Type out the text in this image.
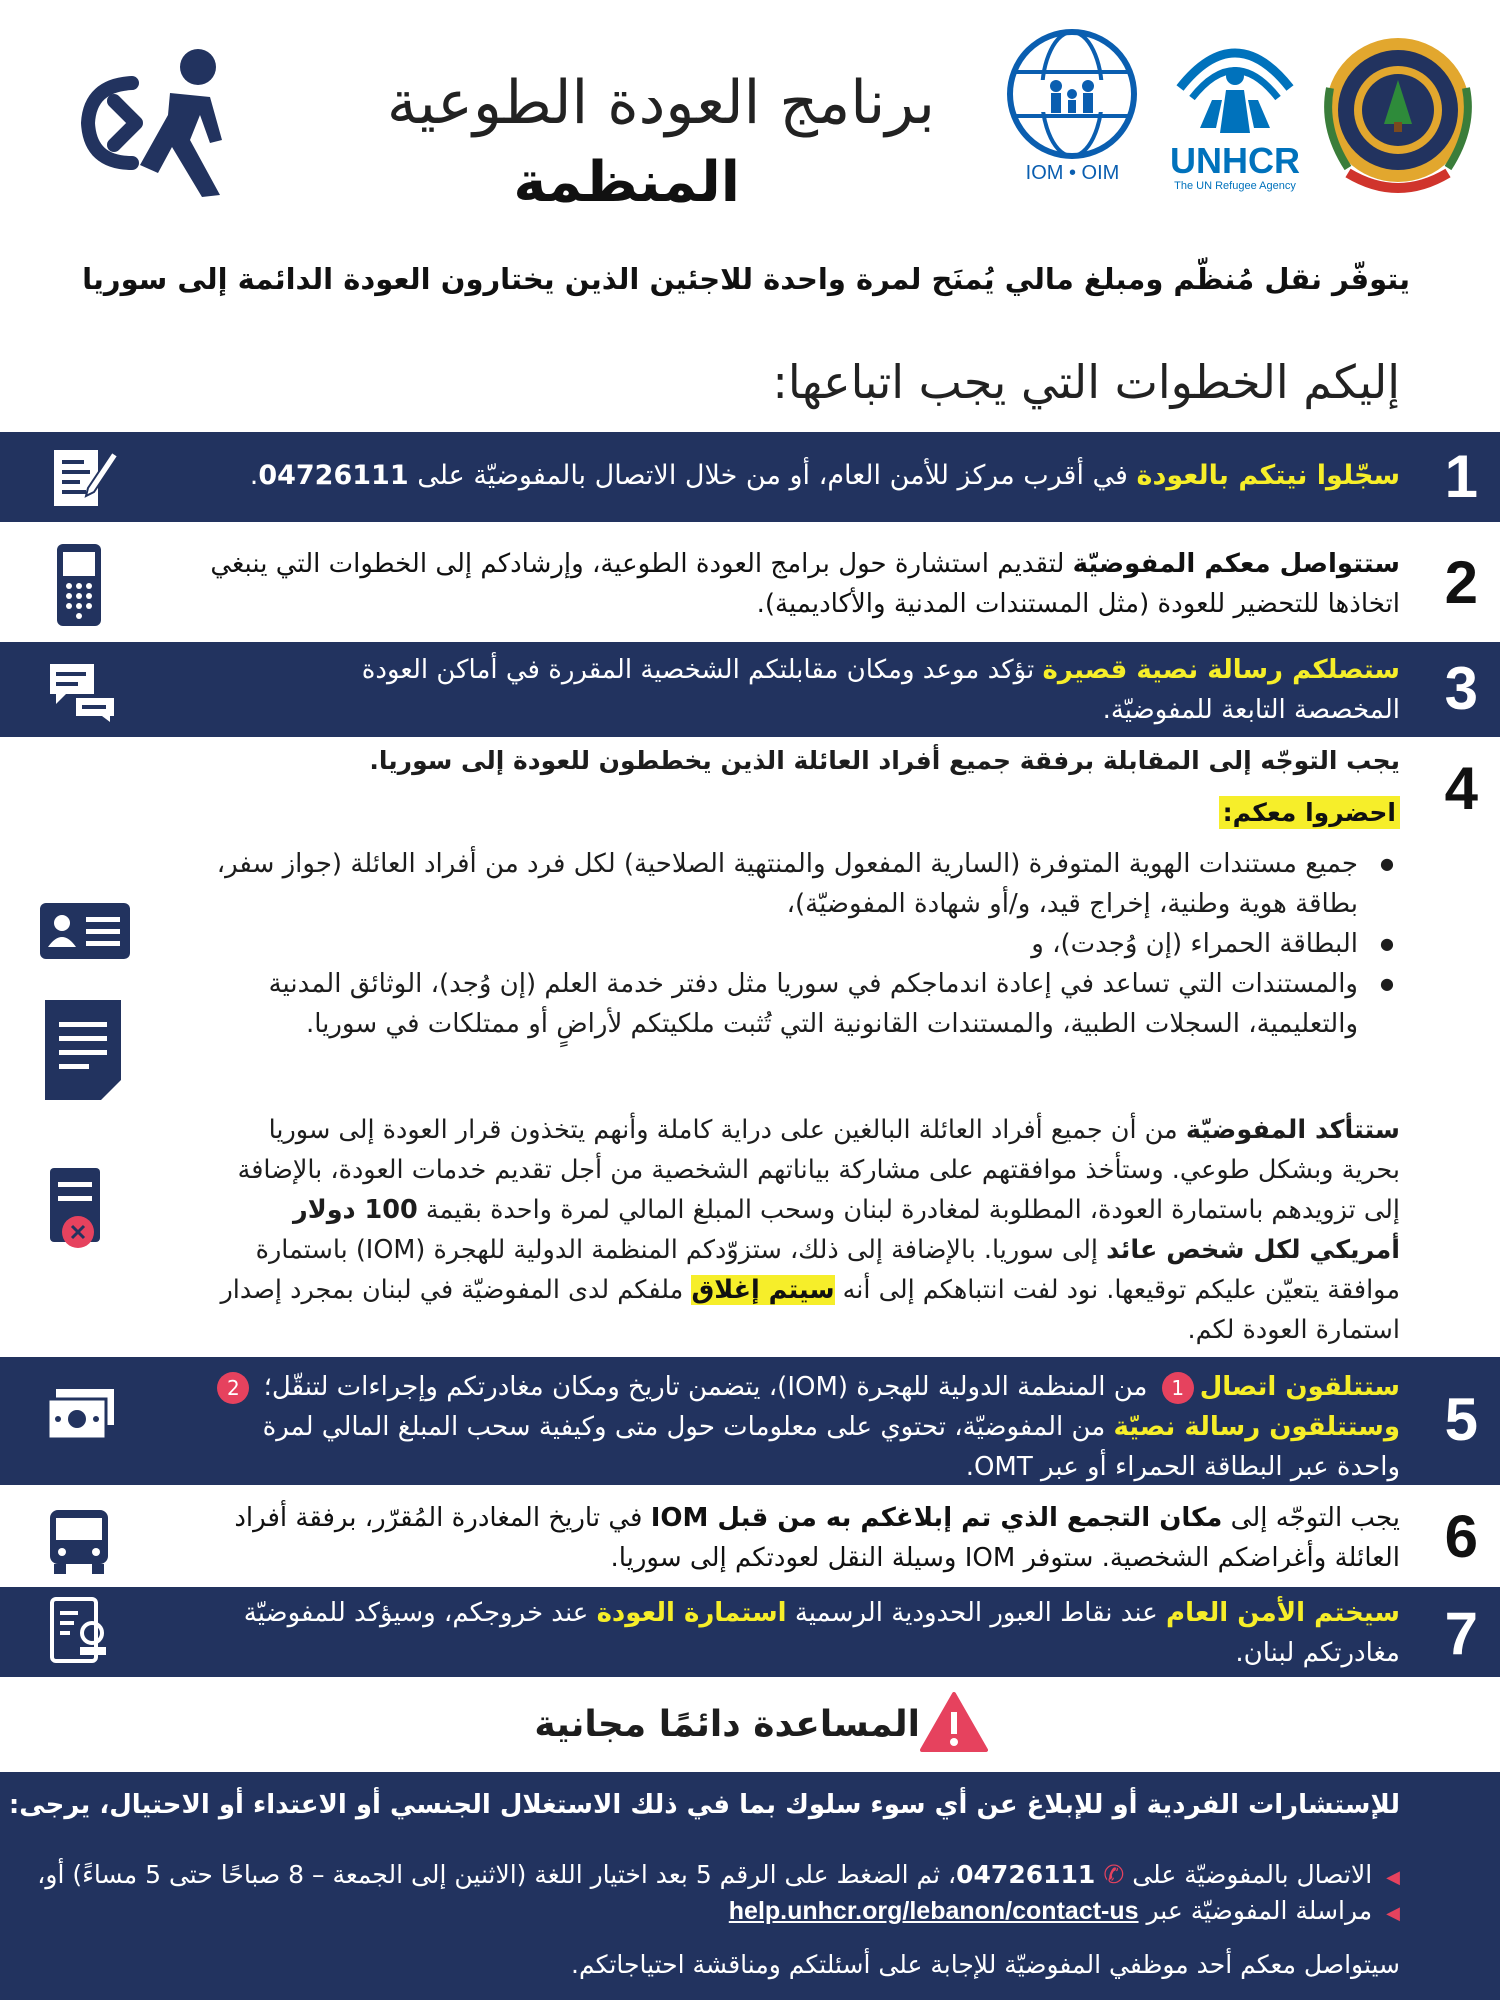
برنامج العودة الطوعية
المنظمة	IOM • OIM	UNHCR
The UN Refugee Agency
يتوفّر نقل مُنظّم ومبلغ مالي يُمنَح لمرة واحدة للاجئين الذين يختارون العودة الدائمة إلى سوريا
إليكم الخطوات التي يجب اتباعها:
1
سجّلوا نيتكم بالعودة في أقرب مركز للأمن العام، أو من خلال الاتصال بالمفوضيّة على 04726111.
2
ستتواصل معكم المفوضيّة لتقديم استشارة حول برامج العودة الطوعية، وإرشادكم إلى الخطوات التي ينبغي اتخاذها للتحضير للعودة (مثل المستندات المدنية والأكاديمية).
3
ستصلكم رسالة نصية قصيرة تؤكد موعد ومكان مقابلتكم الشخصية المقررة في أماكن العودة المخصصة التابعة للمفوضيّة.
4
يجب التوجّه إلى المقابلة برفقة جميع أفراد العائلة الذين يخططون للعودة إلى سوريا.
احضروا معكم:
● جميع مستندات الهوية المتوفرة (السارية المفعول والمنتهية الصلاحية) لكل فرد من أفراد العائلة (جواز سفر، بطاقة هوية وطنية، إخراج قيد، و/أو شهادة المفوضيّة)،
● البطاقة الحمراء (إن وُجدت)، و
● والمستندات التي تساعد في إعادة اندماجكم في سوريا مثل دفتر خدمة العلم (إن وُجد)، الوثائق المدنية والتعليمية، السجلات الطبية، والمستندات القانونية التي تُثبت ملكيتكم لأراضٍ أو ممتلكات في سوريا.
ستتأكد المفوضيّة من أن جميع أفراد العائلة البالغين على دراية كاملة وأنهم يتخذون قرار العودة إلى سوريا بحرية وبشكل طوعي. وستأخذ موافقتهم على مشاركة بياناتهم الشخصية من أجل تقديم خدمات العودة، بالإضافة إلى تزويدهم باستمارة العودة، المطلوبة لمغادرة لبنان وسحب المبلغ المالي لمرة واحدة بقيمة 100 دولار أمريكي لكل شخص عائد إلى سوريا. بالإضافة إلى ذلك، ستزوّدكم المنظمة الدولية للهجرة (IOM) باستمارة موافقة يتعيّن عليكم توقيعها. نود لفت انتباهكم إلى أنه سيتم إغلاق ملفكم لدى المفوضيّة في لبنان بمجرد إصدار استمارة العودة لكم.
5
ستتلقون اتصال1 من المنظمة الدولية للهجرة (IOM)، يتضمن تاريخ ومكان مغادرتكم وإجراءات لتنقّل؛ 2وستتلقون رسالة نصيّة من المفوضيّة، تحتوي على معلومات حول متى وكيفية سحب المبلغ المالي لمرة واحدة عبر البطاقة الحمراء أو عبر OMT.
6
يجب التوجّه إلى مكان التجمع الذي تم إبلاغكم به من قبل IOM في تاريخ المغادرة المُقرّر، برفقة أفراد العائلة وأغراضكم الشخصية. ستوفر IOM وسيلة النقل لعودتكم إلى سوريا.
7
سيختم الأمن العام عند نقاط العبور الحدودية الرسمية استمارة العودة عند خروجكم، وسيؤكد للمفوضيّة مغادرتكم لبنان.
المساعدة دائمًا مجانية
للإستشارات الفردية أو للإبلاغ عن أي سوء سلوك بما في ذلك الاستغلال الجنسي أو الاعتداء أو الاحتيال، يرجى:
◀الاتصال بالمفوضيّة على ✆04726111، ثم الضغط على الرقم 5 بعد اختيار اللغة (الاثنين إلى الجمعة – 8 صباحًا حتى 5 مساءً) أو،
◀مراسلة المفوضيّة عبر help.unhcr.org/lebanon/contact-us
سيتواصل معكم أحد موظفي المفوضيّة للإجابة على أسئلتكم ومناقشة احتياجاتكم.
